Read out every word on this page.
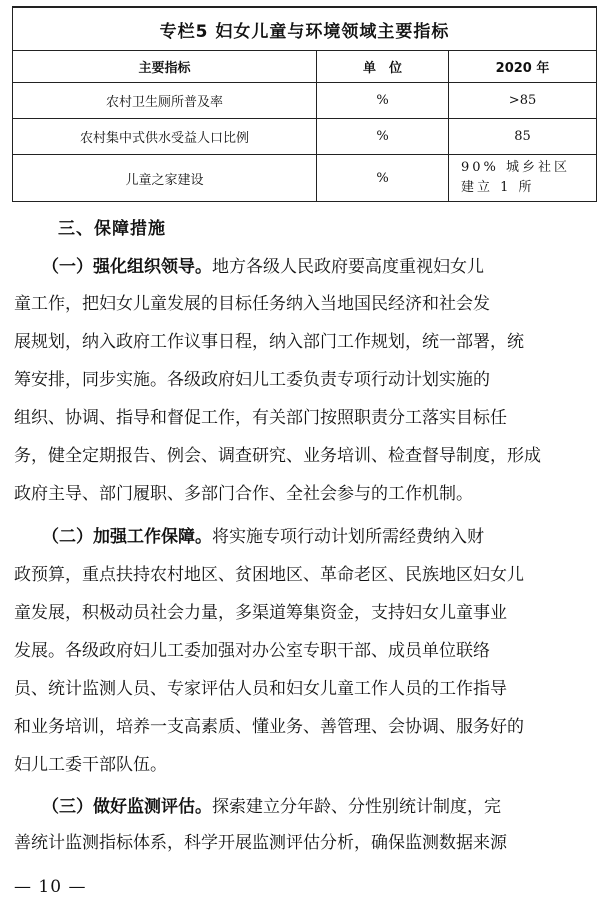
专栏5 妇女儿童与环境领域主要指标		
主要指标	单　位	2020 年
农村卫生厕所普及率	%	>85
农村集中式供水受益人口比例	%	85
儿童之家建设	%	90% 城乡社区建立 1 所
三、保障措施
（一）强化组织领导。地方各级人民政府要高度重视妇女儿
童工作，把妇女儿童发展的目标任务纳入当地国民经济和社会发
展规划，纳入政府工作议事日程，纳入部门工作规划，统一部署，统
筹安排，同步实施。各级政府妇儿工委负责专项行动计划实施的
组织、协调、指导和督促工作，有关部门按照职责分工落实目标任
务，健全定期报告、例会、调查研究、业务培训、检查督导制度，形成
政府主导、部门履职、多部门合作、全社会参与的工作机制。
（二）加强工作保障。将实施专项行动计划所需经费纳入财
政预算，重点扶持农村地区、贫困地区、革命老区、民族地区妇女儿
童发展，积极动员社会力量，多渠道筹集资金，支持妇女儿童事业
发展。各级政府妇儿工委加强对办公室专职干部、成员单位联络
员、统计监测人员、专家评估人员和妇女儿童工作人员的工作指导
和业务培训，培养一支高素质、懂业务、善管理、会协调、服务好的
妇儿工委干部队伍。
（三）做好监测评估。探索建立分年龄、分性别统计制度，完
善统计监测指标体系，科学开展监测评估分析，确保监测数据来源
— 10 —
